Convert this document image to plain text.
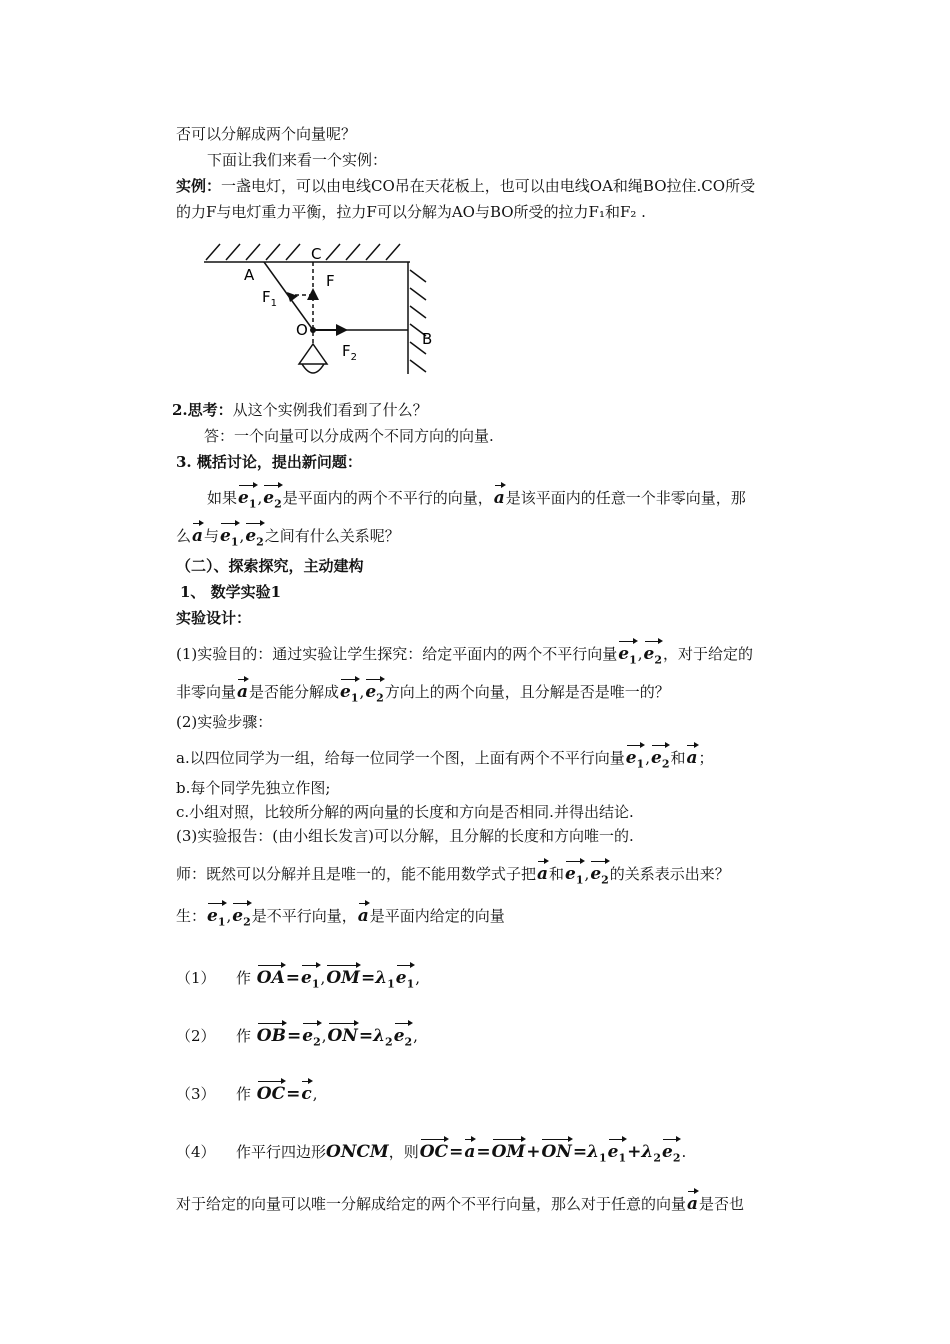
否可以分解成两个向量呢？
下面让我们来看一个实例：
实例：一盏电灯，可以由电线CO吊在天花板上，也可以由电线OA和绳BO拉住.CO所受
的力F与电灯重力平衡，拉力F可以分解为AO与BO所受的拉力F₁和F₂ .
A
C
F
$F_1$
O
$F_2$
B
2.思考：从这个实例我们看到了什么？
答：一个向量可以分成两个不同方向的向量.
3. 概括讨论，提出新问题：
如果$e_1,e_2$是平面内的两个不平行的向量，a是该平面内的任意一个非零向量，那
么a与$e_1,e_2$之间有什么关系呢？
（二）、探索探究，主动建构
1、 数学实验1
实验设计：
(1)实验目的：通过实验让学生探究：给定平面内的两个不平行向量$e_1,e_2$，对于给定的
非零向量a是否能分解成$e_1,e_2$方向上的两个向量，且分解是否是唯一的？
(2)实验步骤：
a.以四位同学为一组，给每一位同学一个图，上面有两个不平行向量$e_1,e_2$和a；
b.每个同学先独立作图;
c.小组对照，比较所分解的两向量的长度和方向是否相同.并得出结论.
(3)实验报告：(由小组长发言)可以分解，且分解的长度和方向唯一的.
师：既然可以分解并且是唯一的，能不能用数学式子把a和$e_1,e_2$的关系表示出来？
生：$e_1,e_2$是不平行向量，a是平面内给定的向量
（1） 作 $OA=e_1,OM=\lambda_1e_1$,
（2） 作 $OB=e_2,ON=\lambda_2e_2$,
（3） 作 OC=c,
（4） 作平行四边形ONCM，则$OC=a=OM+ON=\lambda_1e_1+\lambda_2e_2$.
对于给定的向量可以唯一分解成给定的两个不平行向量，那么对于任意的向量a是否也
